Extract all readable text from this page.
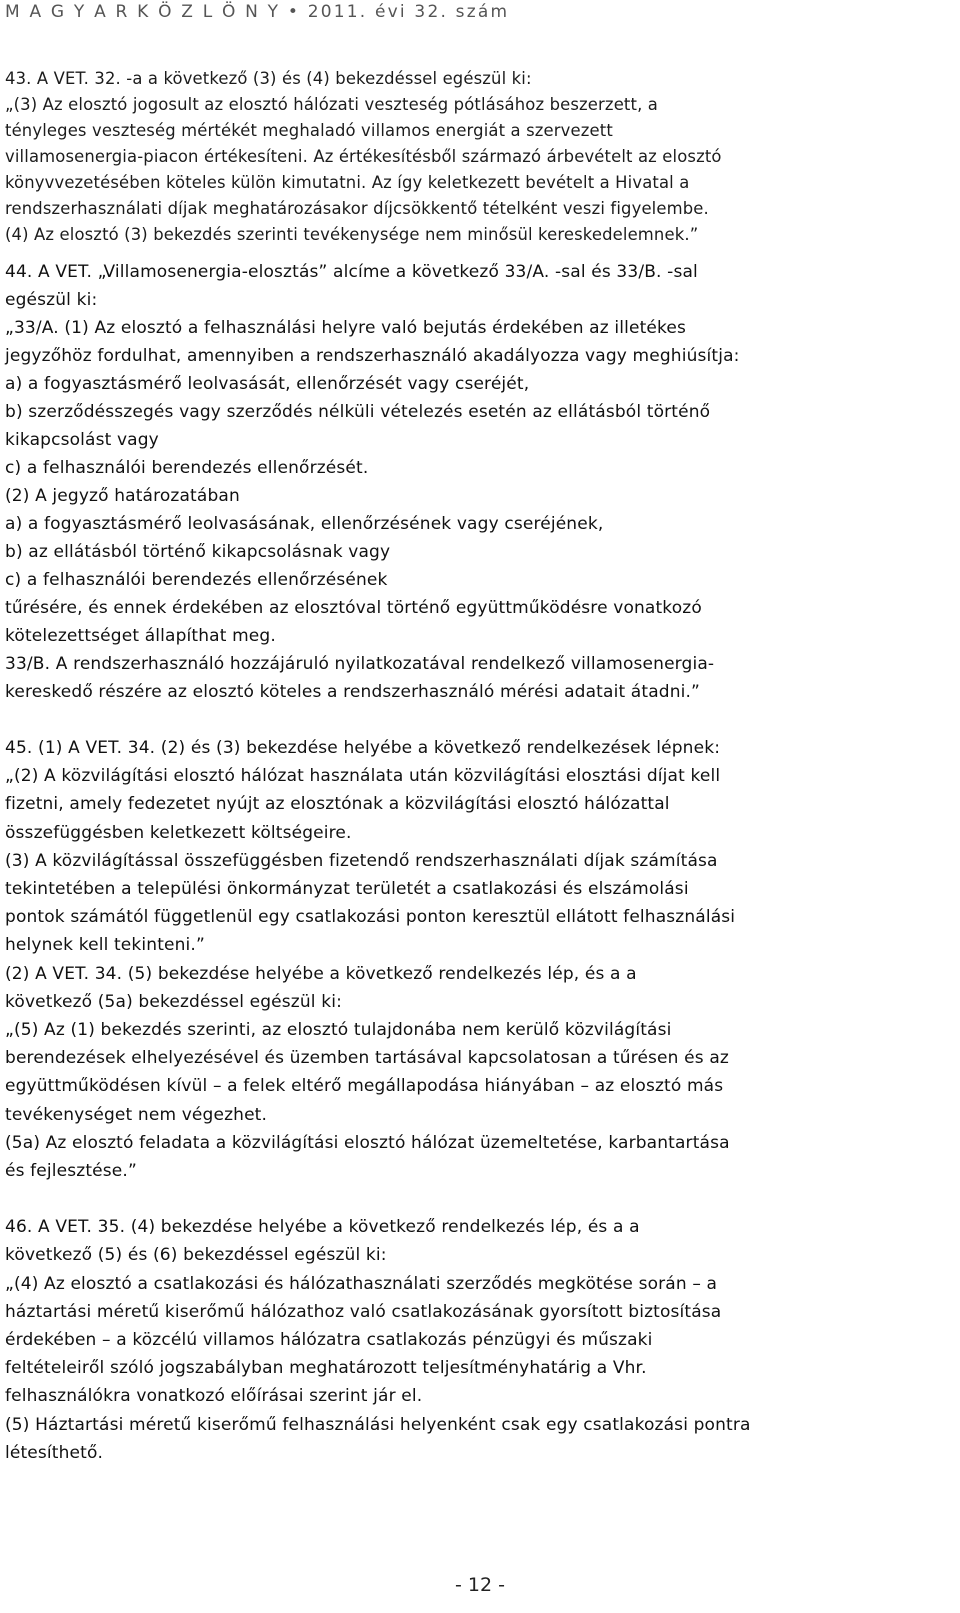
M A G Y A R K Ö Z L Ö N Y • 2011. évi 32. szám
43. A VET. 32. -a a következő (3) és (4) bekezdéssel egészül ki:
„(3) Az elosztó jogosult az elosztó hálózati veszteség pótlásához beszerzett, a
tényleges veszteség mértékét meghaladó villamos energiát a szervezett
villamosenergia-piacon értékesíteni. Az értékesítésből származó árbevételt az elosztó
könyvvezetésében köteles külön kimutatni. Az így keletkezett bevételt a Hivatal a
rendszerhasználati díjak meghatározásakor díjcsökkentő tételként veszi figyelembe.
(4) Az elosztó (3) bekezdés szerinti tevékenysége nem minősül kereskedelemnek.”
44. A VET. „Villamosenergia-elosztás” alcíme a következő 33/A. -sal és 33/B. -sal
egészül ki:
„33/A. (1) Az elosztó a felhasználási helyre való bejutás érdekében az illetékes
jegyzőhöz fordulhat, amennyiben a rendszerhasználó akadályozza vagy meghiúsítja:
a) a fogyasztásmérő leolvasását, ellenőrzését vagy cseréjét,
b) szerződésszegés vagy szerződés nélküli vételezés esetén az ellátásból történő
kikapcsolást vagy
c) a felhasználói berendezés ellenőrzését.
(2) A jegyző határozatában
a) a fogyasztásmérő leolvasásának, ellenőrzésének vagy cseréjének,
b) az ellátásból történő kikapcsolásnak vagy
c) a felhasználói berendezés ellenőrzésének
tűrésére, és ennek érdekében az elosztóval történő együttműködésre vonatkozó
kötelezettséget állapíthat meg.
33/B. A rendszerhasználó hozzájáruló nyilatkozatával rendelkező villamosenergia-
kereskedő részére az elosztó köteles a rendszerhasználó mérési adatait átadni.”
45. (1) A VET. 34. (2) és (3) bekezdése helyébe a következő rendelkezések lépnek:
„(2) A közvilágítási elosztó hálózat használata után közvilágítási elosztási díjat kell
fizetni, amely fedezetet nyújt az elosztónak a közvilágítási elosztó hálózattal
összefüggésben keletkezett költségeire.
(3) A közvilágítással összefüggésben fizetendő rendszerhasználati díjak számítása
tekintetében a települési önkormányzat területét a csatlakozási és elszámolási
pontok számától függetlenül egy csatlakozási ponton keresztül ellátott felhasználási
helynek kell tekinteni.”
(2) A VET. 34. (5) bekezdése helyébe a következő rendelkezés lép, és a a
következő (5a) bekezdéssel egészül ki:
„(5) Az (1) bekezdés szerinti, az elosztó tulajdonába nem kerülő közvilágítási
berendezések elhelyezésével és üzemben tartásával kapcsolatosan a tűrésen és az
együttműködésen kívül – a felek eltérő megállapodása hiányában – az elosztó más
tevékenységet nem végezhet.
(5a) Az elosztó feladata a közvilágítási elosztó hálózat üzemeltetése, karbantartása
és fejlesztése.”
46. A VET. 35. (4) bekezdése helyébe a következő rendelkezés lép, és a a
következő (5) és (6) bekezdéssel egészül ki:
„(4) Az elosztó a csatlakozási és hálózathasználati szerződés megkötése során – a
háztartási méretű kiserőmű hálózathoz való csatlakozásának gyorsított biztosítása
érdekében – a közcélú villamos hálózatra csatlakozás pénzügyi és műszaki
feltételeiről szóló jogszabályban meghatározott teljesítményhatárig a Vhr.
felhasználókra vonatkozó előírásai szerint jár el.
(5) Háztartási méretű kiserőmű felhasználási helyenként csak egy csatlakozási pontra
létesíthető.
- 12 -
